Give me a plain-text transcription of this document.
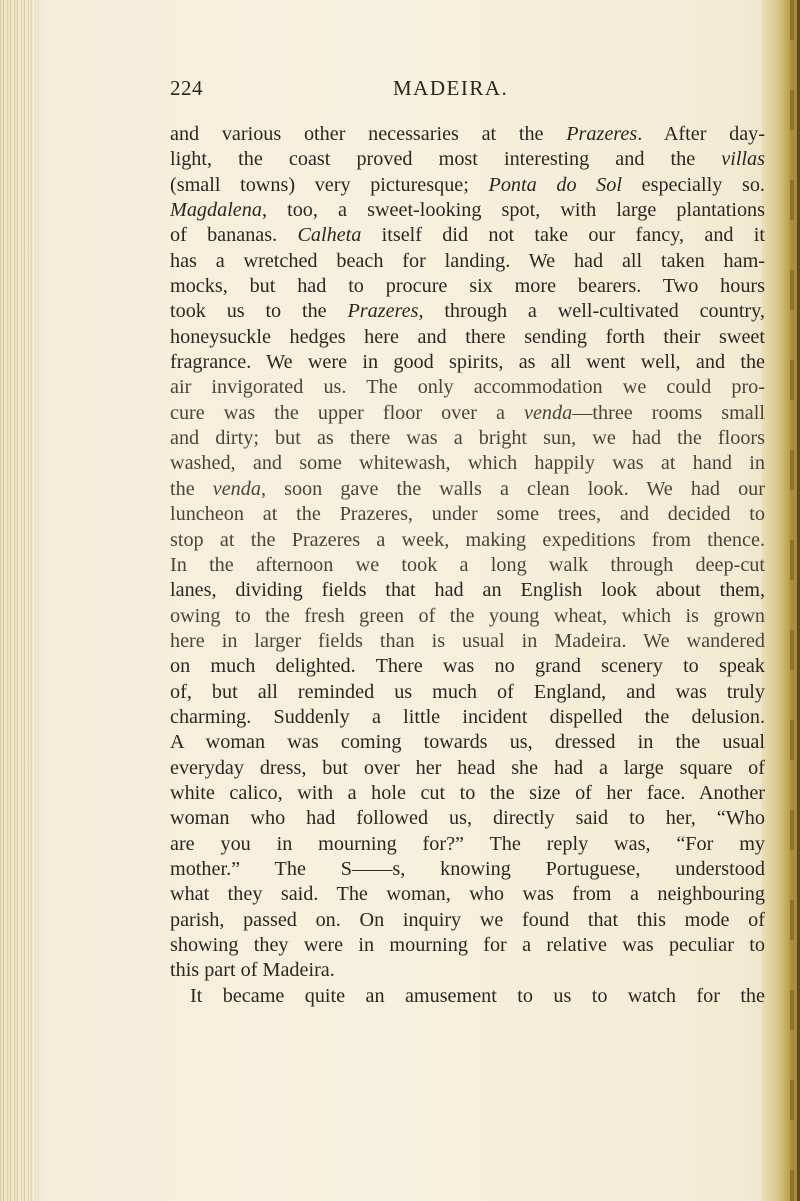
224	MADEIRA.
and various other necessaries at the Prazeres. After day-
light, the coast proved most interesting and the villas
(small towns) very picturesque; Ponta do Sol especially so.
Magdalena, too, a sweet-looking spot, with large plantations
of bananas. Calheta itself did not take our fancy, and it
has a wretched beach for landing. We had all taken ham-
mocks, but had to procure six more bearers. Two hours
took us to the Prazeres, through a well-cultivated country,
honeysuckle hedges here and there sending forth their sweet
fragrance. We were in good spirits, as all went well, and the
air invigorated us. The only accommodation we could pro-
cure was the upper floor over a venda—three rooms small
and dirty; but as there was a bright sun, we had the floors
washed, and some whitewash, which happily was at hand in
the venda, soon gave the walls a clean look. We had our
luncheon at the Prazeres, under some trees, and decided to
stop at the Prazeres a week, making expeditions from thence.
In the afternoon we took a long walk through deep-cut
lanes, dividing fields that had an English look about them,
owing to the fresh green of the young wheat, which is grown
here in larger fields than is usual in Madeira. We wandered
on much delighted. There was no grand scenery to speak
of, but all reminded us much of England, and was truly
charming. Suddenly a little incident dispelled the delusion.
A woman was coming towards us, dressed in the usual
everyday dress, but over her head she had a large square of
white calico, with a hole cut to the size of her face. Another
woman who had followed us, directly said to her, “Who
are you in mourning for?” The reply was, “For my
mother.” The S——s, knowing Portuguese, understood
what they said. The woman, who was from a neighbouring
parish, passed on. On inquiry we found that this mode of
showing they were in mourning for a relative was peculiar to
this part of Madeira.
It became quite an amusement to us to watch for the
